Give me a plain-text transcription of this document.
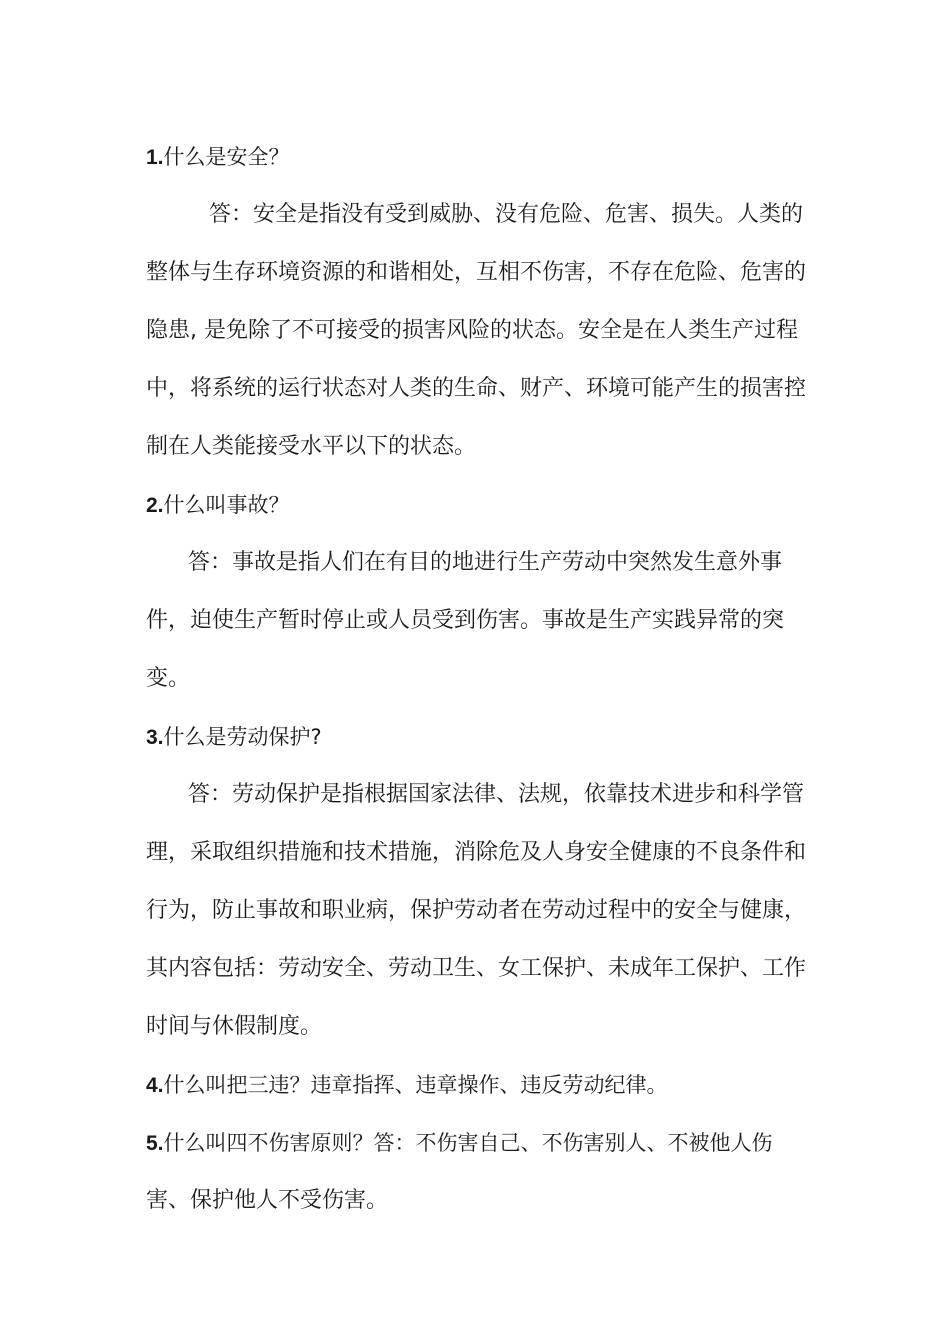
1.什么是安全？
答：安全是指没有受到威胁、没有危险、危害、损失。人类的
整体与生存环境资源的和谐相处，互相不伤害，不存在危险、危害的
隐患, 是免除了不可接受的损害风险的状态。安全是在人类生产过程
中，将系统的运行状态对人类的生命、财产、环境可能产生的损害控
制在人类能接受水平以下的状态。
2.什么叫事故？
答：事故是指人们在有目的地进行生产劳动中突然发生意外事
件，迫使生产暂时停止或人员受到伤害。事故是生产实践异常的突
变。
3.什么是劳动保护?
答：劳动保护是指根据国家法律、法规，依靠技术进步和科学管
理，采取组织措施和技术措施，消除危及人身安全健康的不良条件和
行为，防止事故和职业病，保护劳动者在劳动过程中的安全与健康，
其内容包括：劳动安全、劳动卫生、女工保护、未成年工保护、工作
时间与休假制度。
4.什么叫把三违？违章指挥、违章操作、违反劳动纪律。
5.什么叫四不伤害原则？答：不伤害自己、不伤害别人、不被他人伤
害、保护他人不受伤害。
